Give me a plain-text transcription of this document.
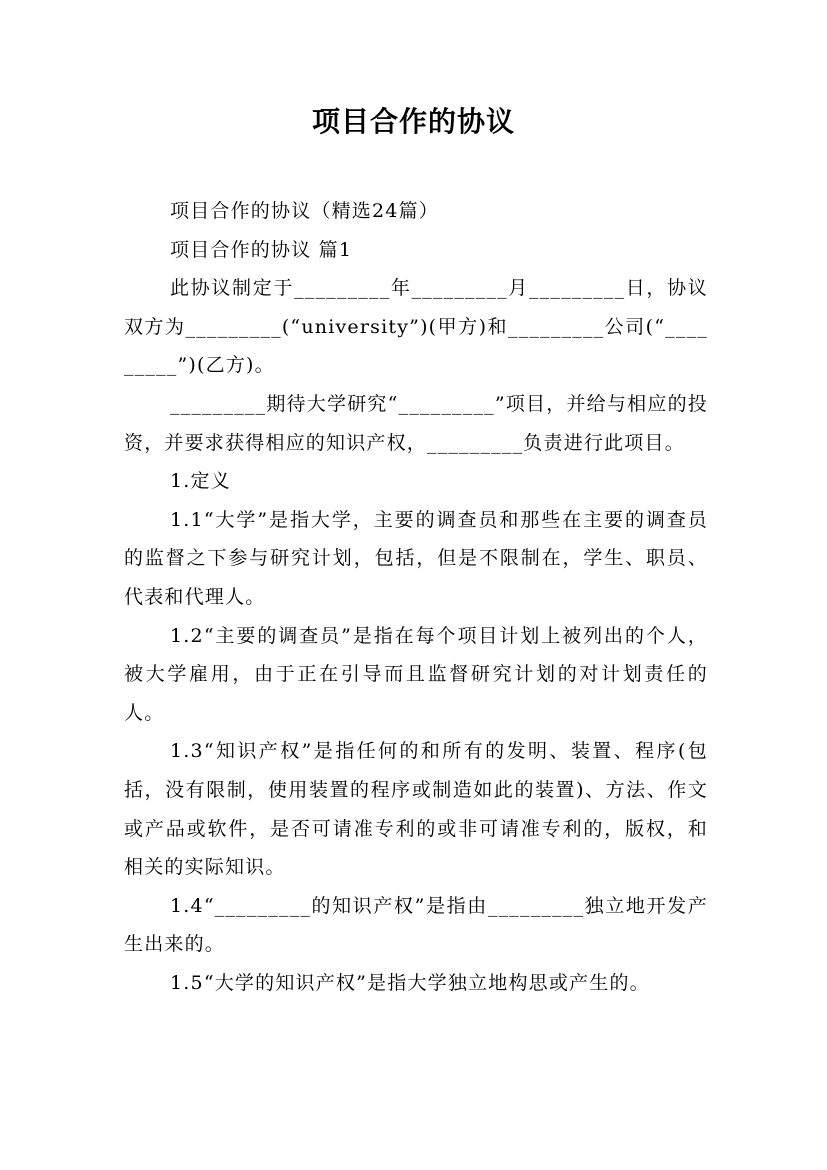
项目合作的协议

项目合作的协议（精选24篇）

项目合作的协议 篇1

此协议制定于_________年_________月_________日，协议双方为_________(“university”)(甲方)和_________公司(“_________”)(乙方)。

_________期待大学研究“_________”项目，并给与相应的投资，并要求获得相应的知识产权，_________负责进行此项目。

1.定义

1.1“大学”是指大学，主要的调查员和那些在主要的调查员的监督之下参与研究计划，包括，但是不限制在，学生、职员、代表和代理人。

1.2“主要的调查员”是指在每个项目计划上被列出的个人，被大学雇用，由于正在引导而且监督研究计划的对计划责任的人。

1.3“知识产权”是指任何的和所有的发明、装置、程序(包括，没有限制，使用装置的程序或制造如此的装置)、方法、作文或产品或软件，是否可请准专利的或非可请准专利的，版权，和相关的实际知识。

1.4“_________的知识产权”是指由_________独立地开发产生出来的。

1.5“大学的知识产权”是指大学独立地构思或产生的。
